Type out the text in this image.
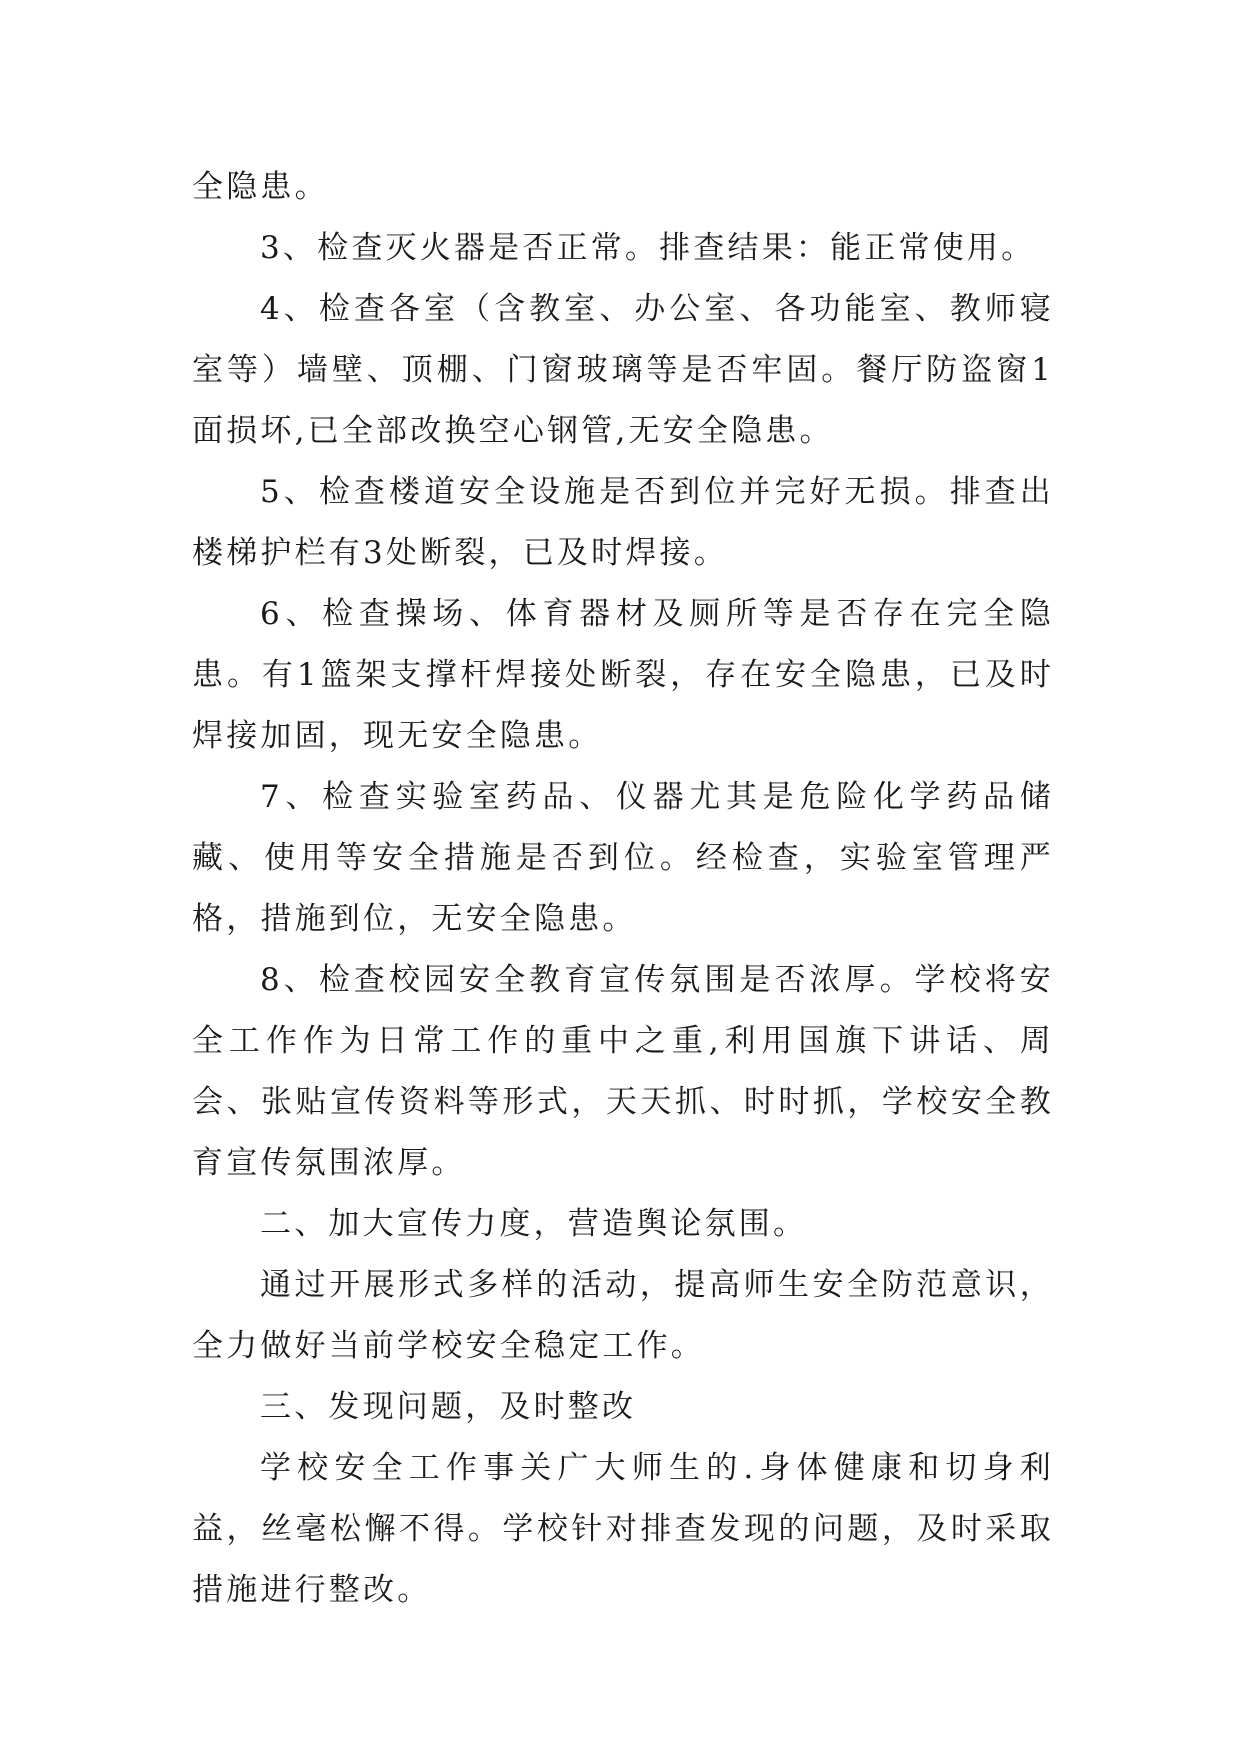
全隐患。

3、检查灭火器是否正常。排查结果：能正常使用。

4、检查各室（含教室、办公室、各功能室、教师寝室等）墙壁、顶棚、门窗玻璃等是否牢固。餐厅防盗窗1面损坏,已全部改换空心钢管,无安全隐患。

5、检查楼道安全设施是否到位并完好无损。排查出楼梯护栏有3处断裂，已及时焊接。

6、检查操场、体育器材及厕所等是否存在完全隐患。有1篮架支撑杆焊接处断裂，存在安全隐患，已及时焊接加固，现无安全隐患。

7、检查实验室药品、仪器尤其是危险化学药品储藏、使用等安全措施是否到位。经检查，实验室管理严格，措施到位，无安全隐患。

8、检查校园安全教育宣传氛围是否浓厚。学校将安全工作作为日常工作的重中之重,利用国旗下讲话、周会、张贴宣传资料等形式，天天抓、时时抓，学校安全教育宣传氛围浓厚。

二、加大宣传力度，营造舆论氛围。

通过开展形式多样的活动，提高师生安全防范意识，全力做好当前学校安全稳定工作。

三、发现问题，及时整改

学校安全工作事关广大师生的.身体健康和切身利益，丝毫松懈不得。学校针对排查发现的问题，及时采取措施进行整改。
